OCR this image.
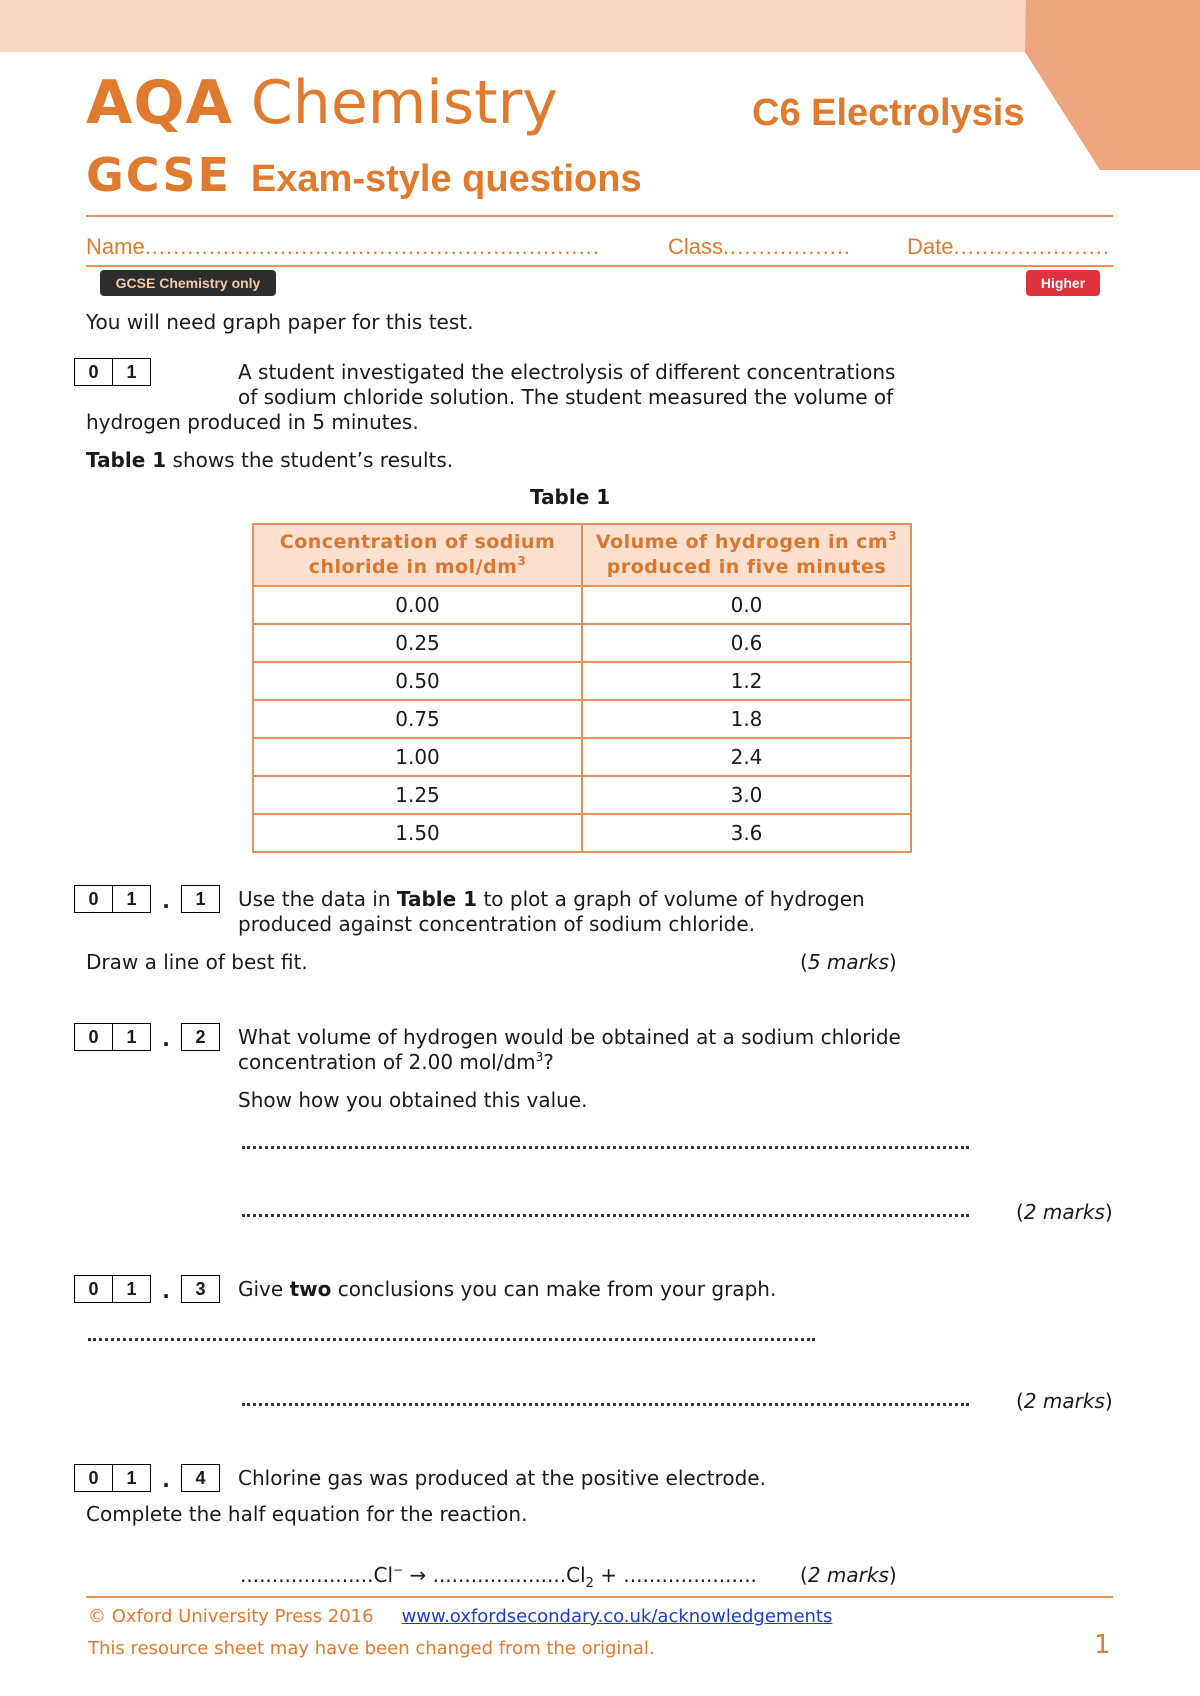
AQA Chemistry
GCSE Exam-style questions
C6 Electrolysis
Name................................................................	Class..................	Date......................
GCSE Chemistry only	Higher
You will need graph paper for this test.
0	1	A student investigated the electrolysis of different concentrations
of sodium chloride solution. The student measured the volume of
hydrogen produced in 5 minutes.
Table 1 shows the student’s results.
Table 1
Concentration of sodium
chloride in mol/$dm^3$	Volume of hydrogen in $cm^3$
produced in five minutes
0.00	0.0
0.25	0.6
0.50	1.2
0.75	1.8
1.00	2.4
1.25	3.0
1.50	3.6
0	1	.	1	Use the data in Table 1 to plot a graph of volume of hydrogen
produced against concentration of sodium chloride.
Draw a line of best fit.	(5 marks)
0	1	.	2	What volume of hydrogen would be obtained at a sodium chloride
concentration of 2.00 mol/$dm^3$?
Show how you obtained this value.
(2 marks)
0	1	.	3	Give two conclusions you can make from your graph.
(2 marks)
0	1	.	4	Chlorine gas was produced at the positive electrode.
Complete the half equation for the reaction.
$.....................Cl^- \to .....................Cl_2$ + ..................... (2 marks)
© Oxford University Press 2016 www.oxfordsecondary.co.uk/acknowledgements
This resource sheet may have been changed from the original.	1
